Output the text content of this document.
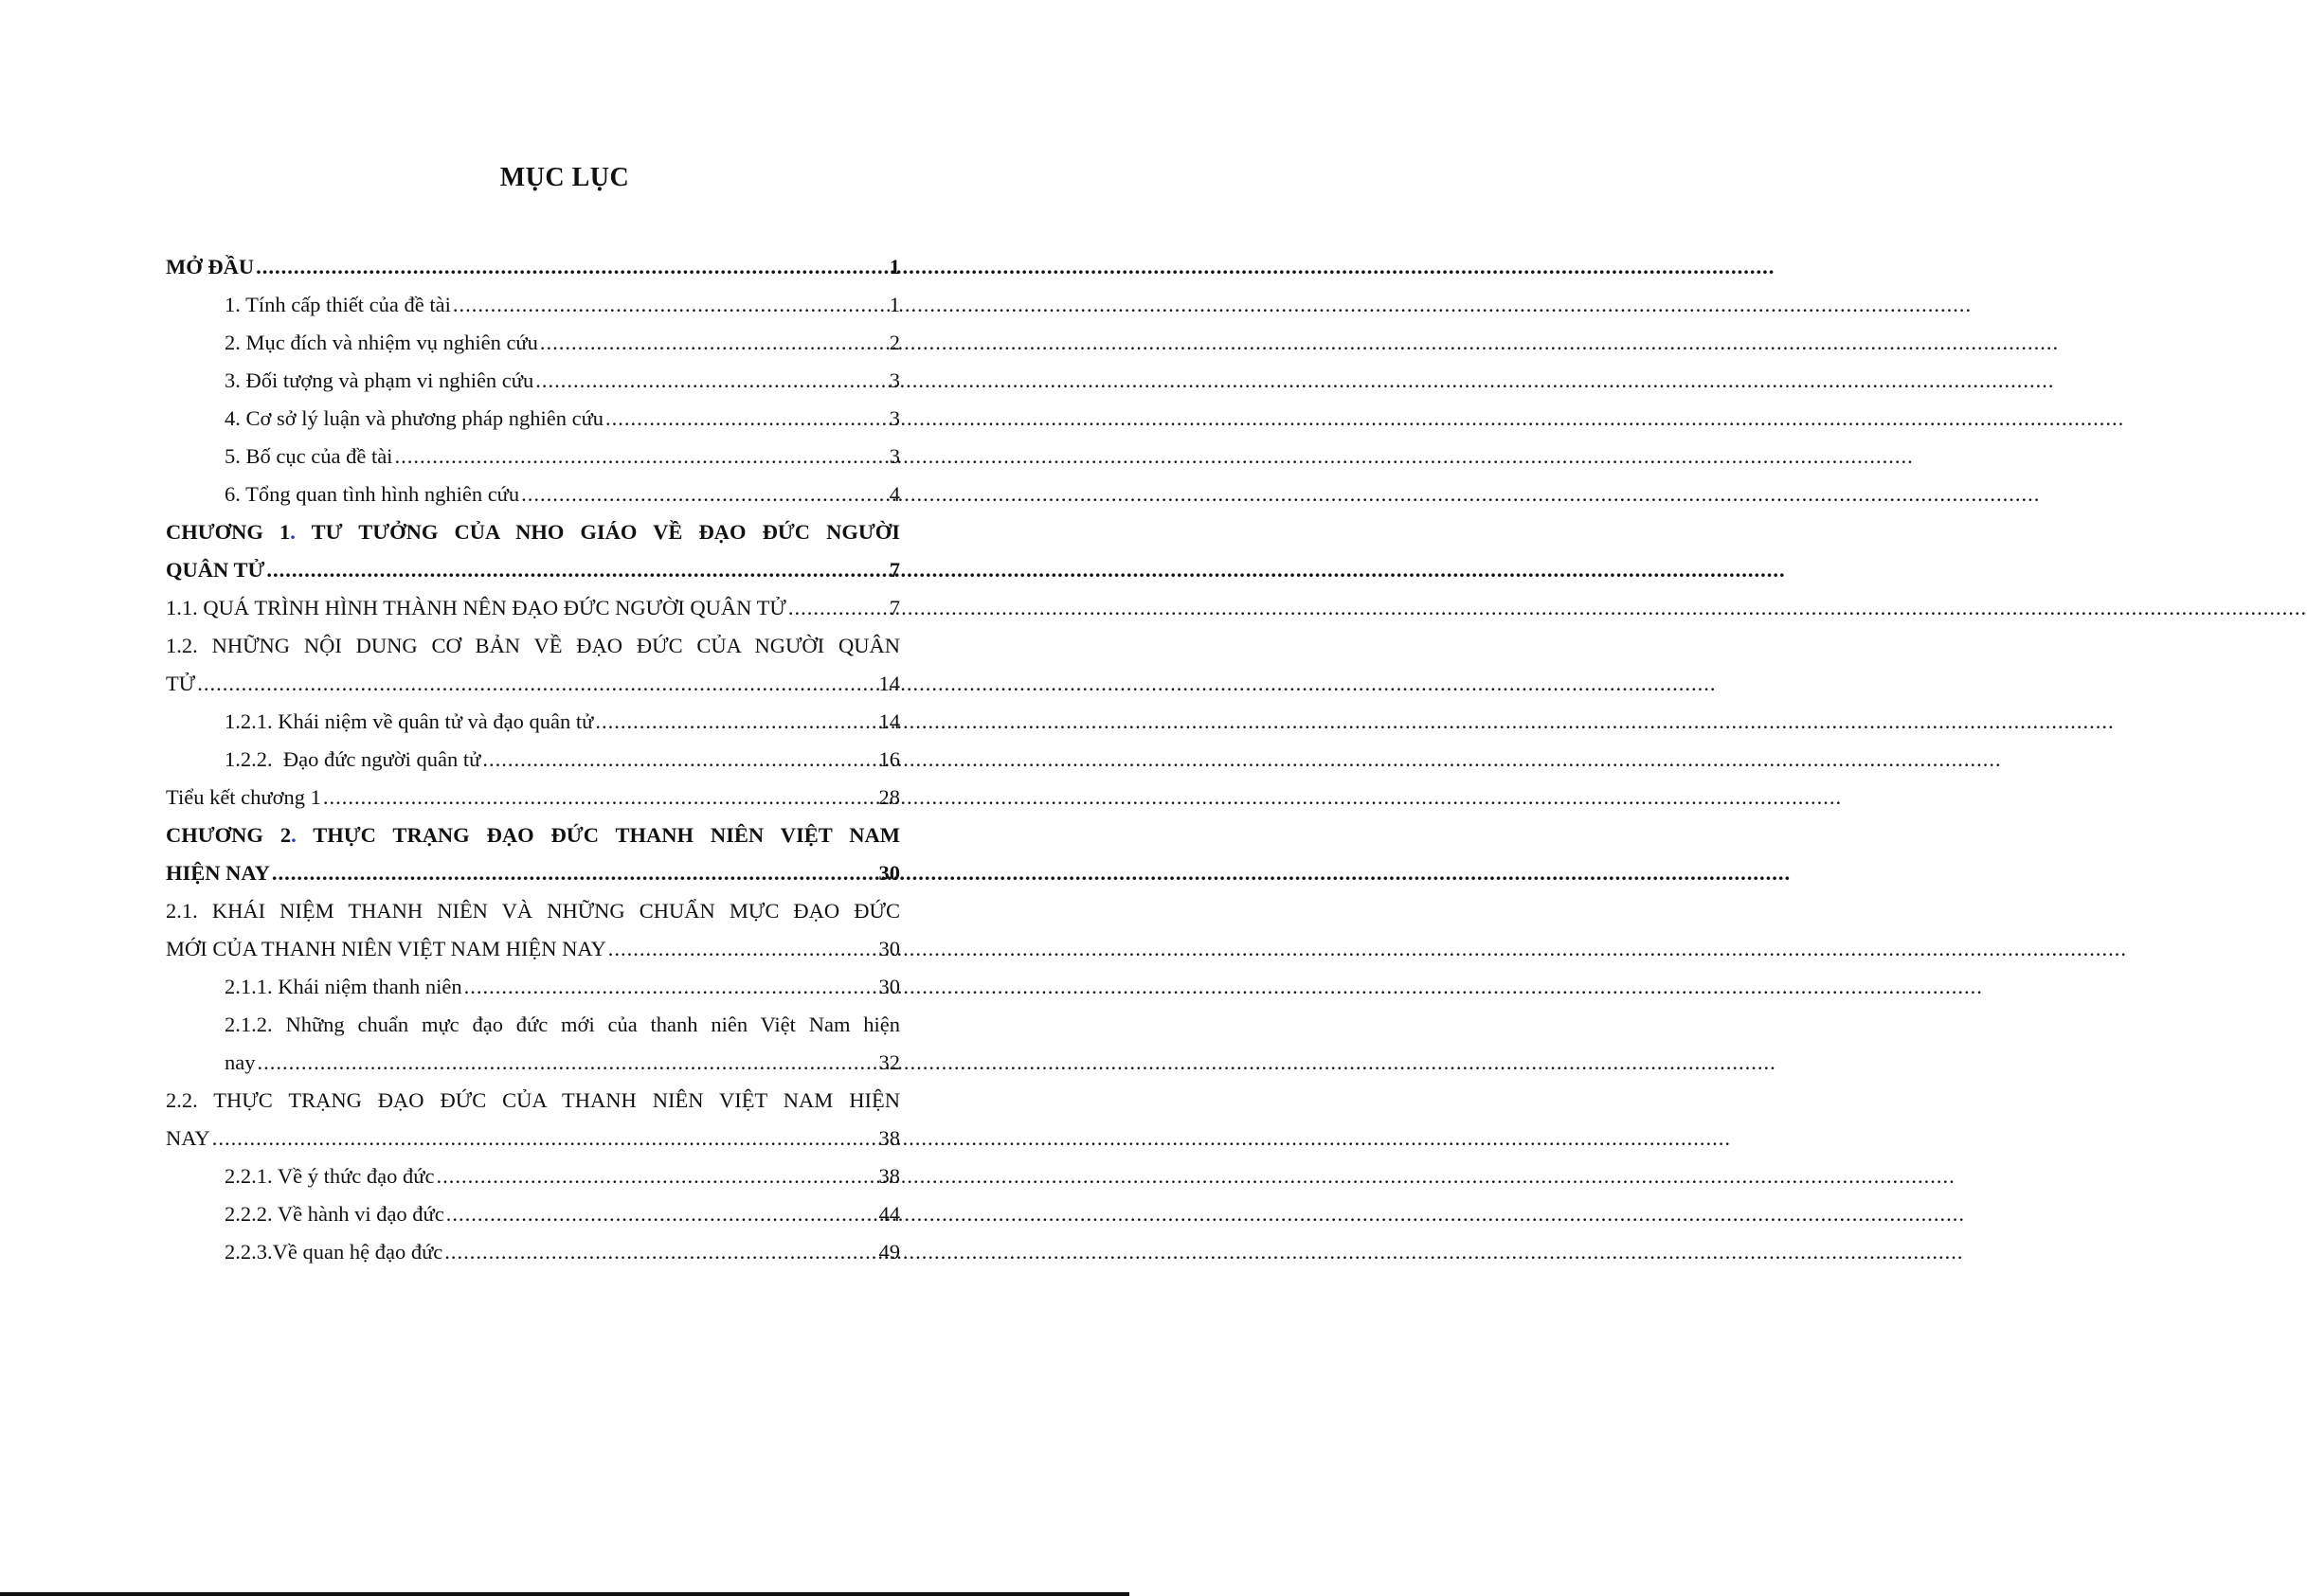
MỤC LỤC
MỞ ĐẦU .....	1
1. Tính cấp thiết của đề tài .....	1
2. Mục đích và nhiệm vụ nghiên cứu .....	2
3. Đối tượng và phạm vi nghiên cứu .....	3
4. Cơ sở lý luận và phương pháp nghiên cứu .....	3
5. Bố cục của đề tài .....	3
6. Tổng quan tình hình nghiên cứu .....	4
CHƯƠNG 1. TƯ TƯỞNG CỦA NHO GIÁO VỀ ĐẠO ĐỨC NGƯỜI
QUÂN TỬ .....	7
1.1. QUÁ TRÌNH HÌNH THÀNH NÊN ĐẠO ĐỨC NGƯỜI QUÂN TỬ .....	7
1.2. NHỮNG NỘI DUNG CƠ BẢN VỀ ĐẠO ĐỨC CỦA NGƯỜI QUÂN
TỬ .....	14
1.2.1. Khái niệm về quân tử và đạo quân tử .....	14
1.2.2.  Đạo đức người quân tử .....	16
Tiểu kết chương 1 .....	28
CHƯƠNG 2. THỰC TRẠNG ĐẠO ĐỨC THANH NIÊN VIỆT NAM
HIỆN NAY .....	30
2.1. KHÁI NIỆM THANH NIÊN VÀ NHỮNG CHUẨN MỰC ĐẠO ĐỨC
MỚI CỦA THANH NIÊN VIỆT NAM HIỆN NAY .....	30
2.1.1. Khái niệm thanh niên .....	30
2.1.2. Những chuẩn mực đạo đức mới của thanh niên Việt Nam hiện
nay .....	32
2.2. THỰC TRẠNG ĐẠO ĐỨC CỦA THANH NIÊN VIỆT NAM HIỆN
NAY .....	38
2.2.1. Về ý thức đạo đức .....	38
2.2.2. Về hành vi đạo đức .....	44
2.2.3.Về quan hệ đạo đức .....	49
